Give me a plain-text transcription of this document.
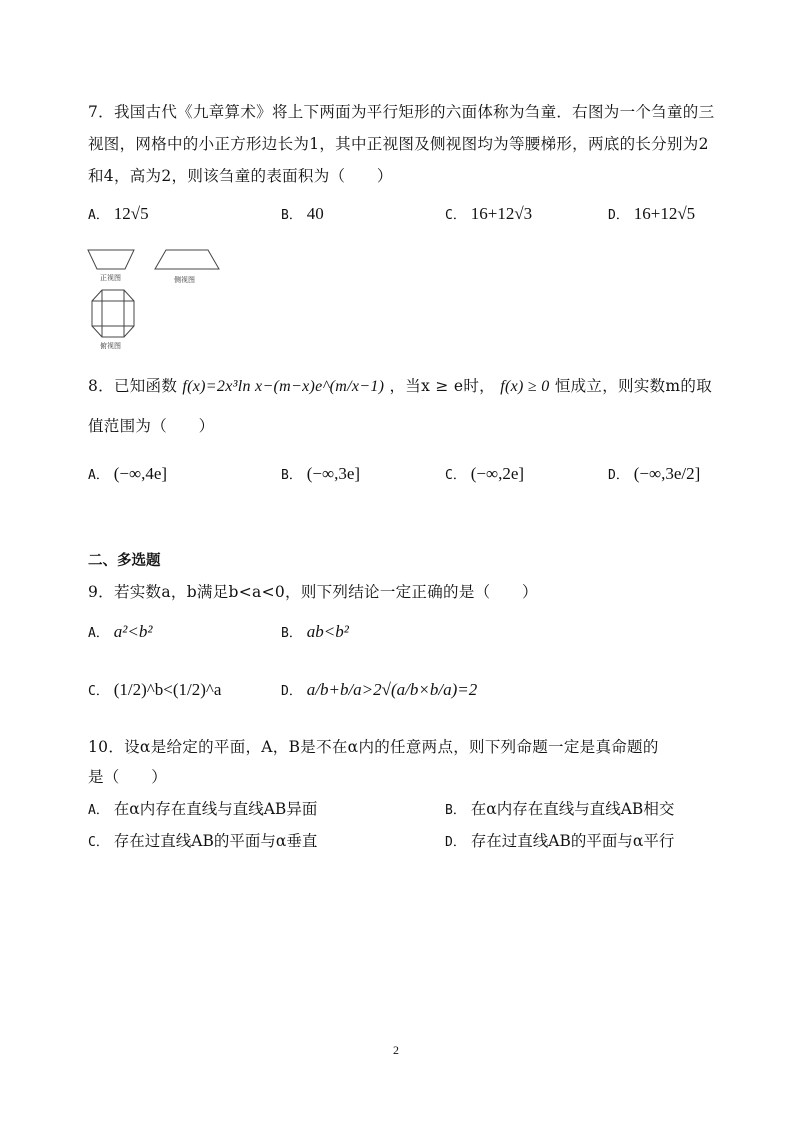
7．我国古代《九章算术》将上下两面为平行矩形的六面体称为刍童．右图为一个刍童的三
视图，网格中的小正方形边长为1，其中正视图及侧视图均为等腰梯形，两底的长分别为2
和4，高为2，则该刍童的表面积为（　　）
A． 12√5	B． 40	C． 16+12√3	D． 16+12√5
正视图	侧视图
俯视图
8．已知函数 f(x)=2x³ln x−(m−x)e^(m/x−1) ，当x ≥ e时， f(x) ≥ 0 恒成立，则实数m的取
值范围为（　　）
A． (−∞,4e]	B． (−∞,3e]	C． (−∞,2e]	D． (−∞,3e/2]
二、多选题
9．若实数a，b满足b<a<0，则下列结论一定正确的是（　　）
A． a²<b²	B． ab<b²
C． (1/2)^b<(1/2)^a	D． a/b+b/a>2√(a/b×b/a)=2
10．设α是给定的平面，A，B是不在α内的任意两点，则下列命题一定是真命题的
是（　　）
A． 在α内存在直线与直线AB异面	B． 在α内存在直线与直线AB相交
C． 存在过直线AB的平面与α垂直	D． 存在过直线AB的平面与α平行
2
